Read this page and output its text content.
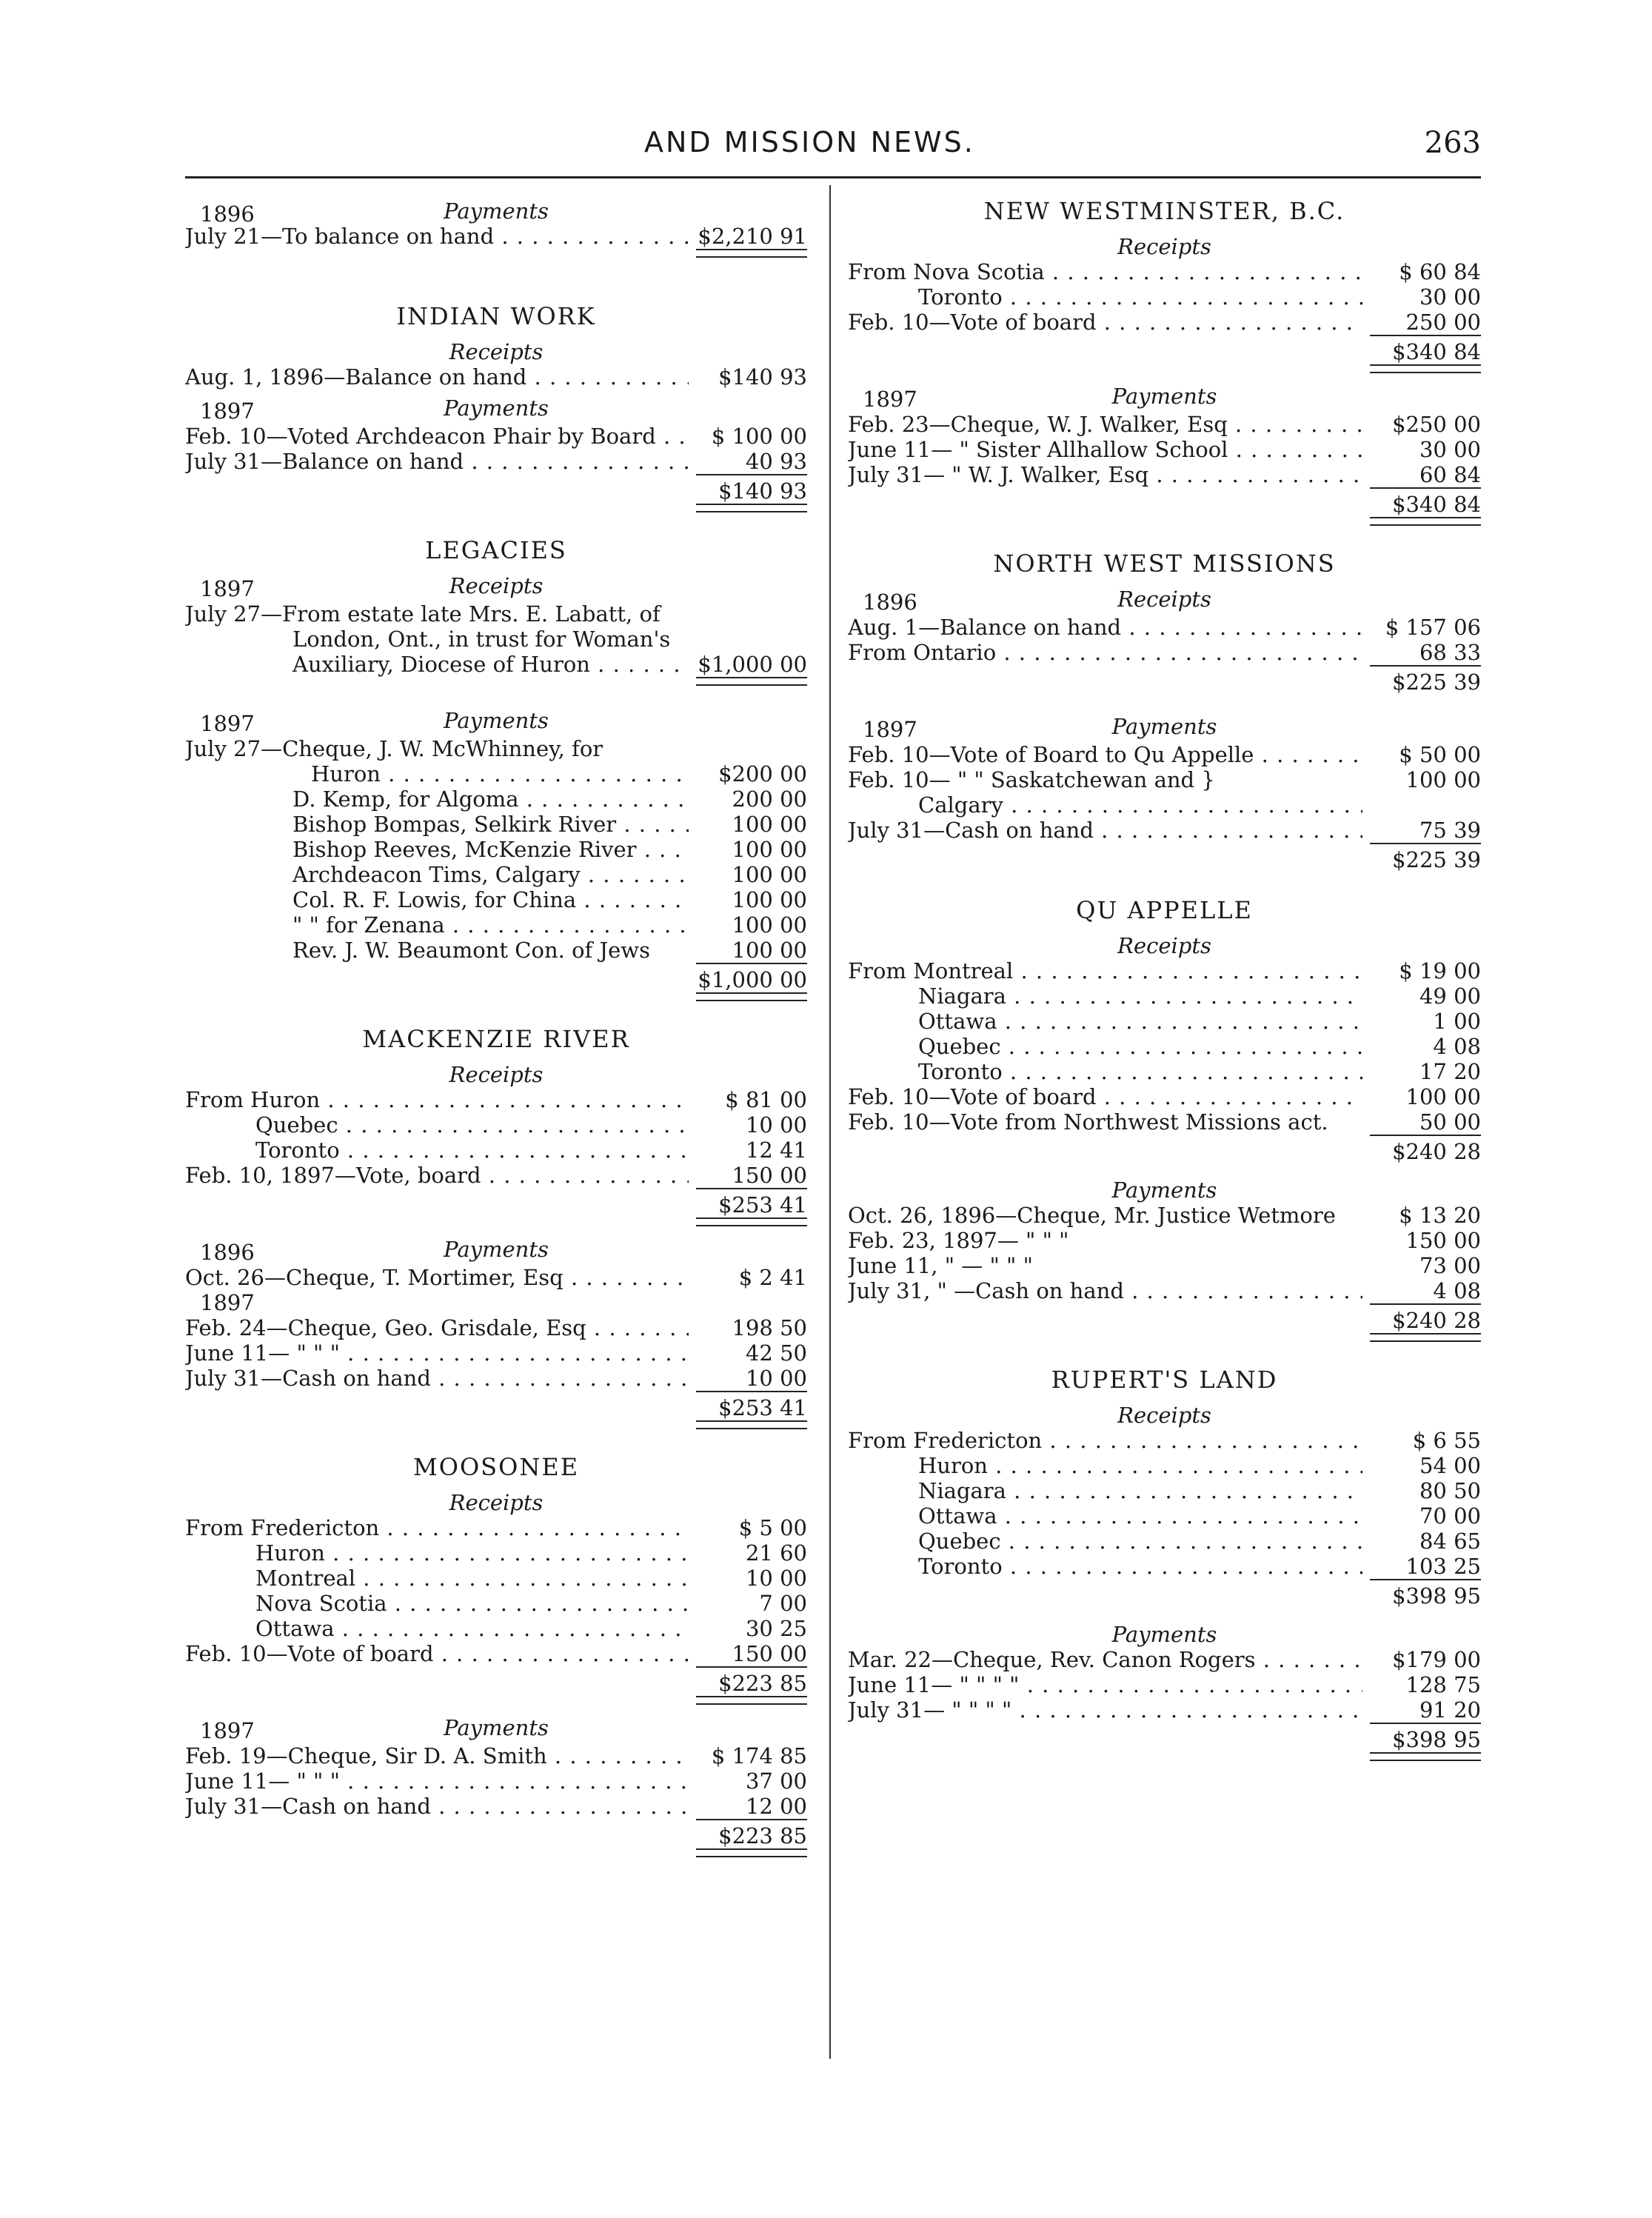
AND MISSION NEWS.	263
1896	Payments
July 21—To balance on hand . . .	$2,210 91
INDIAN WORK
Receipts
Aug. 1, 1896—Balance on hand . . .	$140 93
1897	Payments
Feb. 10—Voted Archdeacon Phair by Board . . .	$ 100 00
July 31—Balance on hand . . .	40 93
$140 93
LEGACIES
1897	Receipts
July 27—From estate late Mrs. E. Labatt, of
London, Ont., in trust for Woman's
Auxiliary, Diocese of Huron . . .	$1,000 00
1897	Payments
July 27—Cheque, J. W. McWhinney, for
Huron . . .	$200 00
D. Kemp, for Algoma . . .	200 00
Bishop Bompas, Selkirk River . . .	100 00
Bishop Reeves, McKenzie River . . .	100 00
Archdeacon Tims, Calgary . . .	100 00
Col. R. F. Lowis, for China . . .	100 00
" " for Zenana . . .	100 00
Rev. J. W. Beaumont Con. of Jews	100 00
$1,000 00
MACKENZIE RIVER
Receipts
From Huron . . .	$ 81 00
Quebec . . .	10 00
Toronto . . .	12 41
Feb. 10, 1897—Vote, board . . .	150 00
$253 41
1896	Payments
Oct. 26—Cheque, T. Mortimer, Esq . . .	$ 2 41
1897
Feb. 24—Cheque, Geo. Grisdale, Esq . . .	198 50
June 11— " " " . . .	42 50
July 31—Cash on hand . . .	10 00
$253 41
MOOSONEE
Receipts
From Fredericton . . .	$ 5 00
Huron . . .	21 60
Montreal . . .	10 00
Nova Scotia . . .	7 00
Ottawa . . .	30 25
Feb. 10—Vote of board . . .	150 00
$223 85
1897	Payments
Feb. 19—Cheque, Sir D. A. Smith . . .	$ 174 85
June 11— " " " . . .	37 00
July 31—Cash on hand . . .	12 00
$223 85
NEW WESTMINSTER, B.C.
Receipts
From Nova Scotia . . .	$ 60 84
Toronto . . .	30 00
Feb. 10—Vote of board . . .	250 00
$340 84
1897	Payments
Feb. 23—Cheque, W. J. Walker, Esq . . .	$250 00
June 11— " Sister Allhallow School . . .	30 00
July 31— " W. J. Walker, Esq . . .	60 84
$340 84
NORTH WEST MISSIONS
1896	Receipts
Aug. 1—Balance on hand . . .	$ 157 06
From Ontario . . .	68 33
$225 39
1897	Payments
Feb. 10—Vote of Board to Qu Appelle . . .	$ 50 00
Feb. 10— " " Saskatchewan and }	100 00
Calgary . . .
July 31—Cash on hand . . .	75 39
$225 39
QU APPELLE
Receipts
From Montreal . . .	$ 19 00
Niagara . . .	49 00
Ottawa . . .	1 00
Quebec . . .	4 08
Toronto . . .	17 20
Feb. 10—Vote of board . . .	100 00
Feb. 10—Vote from Northwest Missions act.	50 00
$240 28
Payments
Oct. 26, 1896—Cheque, Mr. Justice Wetmore	$ 13 20
Feb. 23, 1897— " " "	150 00
June 11, " — " " "	73 00
July 31, " —Cash on hand . . .	4 08
$240 28
RUPERT'S LAND
Receipts
From Fredericton . . .	$ 6 55
Huron . . .	54 00
Niagara . . .	80 50
Ottawa . . .	70 00
Quebec . . .	84 65
Toronto . . .	103 25
$398 95
Payments
Mar. 22—Cheque, Rev. Canon Rogers . . .	$179 00
June 11— " " " " . . .	128 75
July 31— " " " " . . .	91 20
$398 95
